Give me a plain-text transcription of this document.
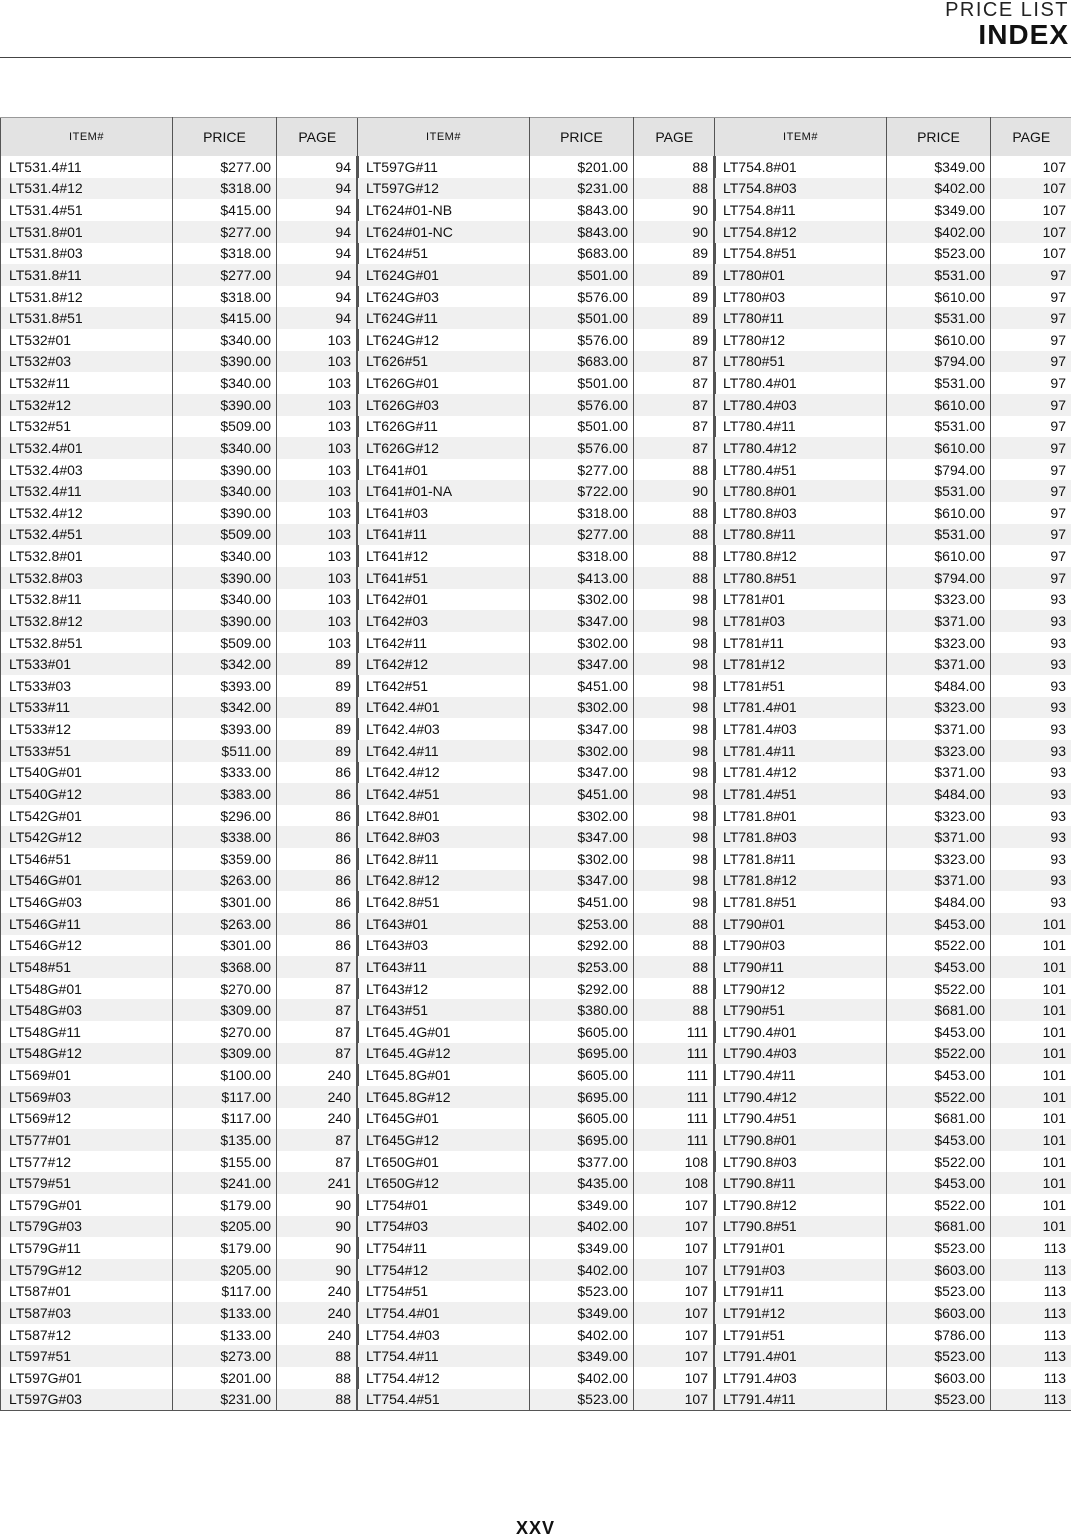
PRICE LIST
INDEX
ITEM#	PRICE	PAGE
LT531.4#11	$277.00	94
LT531.4#12	$318.00	94
LT531.4#51	$415.00	94
LT531.8#01	$277.00	94
LT531.8#03	$318.00	94
LT531.8#11	$277.00	94
LT531.8#12	$318.00	94
LT531.8#51	$415.00	94
LT532#01	$340.00	103
LT532#03	$390.00	103
LT532#11	$340.00	103
LT532#12	$390.00	103
LT532#51	$509.00	103
LT532.4#01	$340.00	103
LT532.4#03	$390.00	103
LT532.4#11	$340.00	103
LT532.4#12	$390.00	103
LT532.4#51	$509.00	103
LT532.8#01	$340.00	103
LT532.8#03	$390.00	103
LT532.8#11	$340.00	103
LT532.8#12	$390.00	103
LT532.8#51	$509.00	103
LT533#01	$342.00	89
LT533#03	$393.00	89
LT533#11	$342.00	89
LT533#12	$393.00	89
LT533#51	$511.00	89
LT540G#01	$333.00	86
LT540G#12	$383.00	86
LT542G#01	$296.00	86
LT542G#12	$338.00	86
LT546#51	$359.00	86
LT546G#01	$263.00	86
LT546G#03	$301.00	86
LT546G#11	$263.00	86
LT546G#12	$301.00	86
LT548#51	$368.00	87
LT548G#01	$270.00	87
LT548G#03	$309.00	87
LT548G#11	$270.00	87
LT548G#12	$309.00	87
LT569#01	$100.00	240
LT569#03	$117.00	240
LT569#12	$117.00	240
LT577#01	$135.00	87
LT577#12	$155.00	87
LT579#51	$241.00	241
LT579G#01	$179.00	90
LT579G#03	$205.00	90
LT579G#11	$179.00	90
LT579G#12	$205.00	90
LT587#01	$117.00	240
LT587#03	$133.00	240
LT587#12	$133.00	240
LT597#51	$273.00	88
LT597G#01	$201.00	88
LT597G#03	$231.00	88
ITEM#	PRICE	PAGE
LT597G#11	$201.00	88
LT597G#12	$231.00	88
LT624#01-NB	$843.00	90
LT624#01-NC	$843.00	90
LT624#51	$683.00	89
LT624G#01	$501.00	89
LT624G#03	$576.00	89
LT624G#11	$501.00	89
LT624G#12	$576.00	89
LT626#51	$683.00	87
LT626G#01	$501.00	87
LT626G#03	$576.00	87
LT626G#11	$501.00	87
LT626G#12	$576.00	87
LT641#01	$277.00	88
LT641#01-NA	$722.00	90
LT641#03	$318.00	88
LT641#11	$277.00	88
LT641#12	$318.00	88
LT641#51	$413.00	88
LT642#01	$302.00	98
LT642#03	$347.00	98
LT642#11	$302.00	98
LT642#12	$347.00	98
LT642#51	$451.00	98
LT642.4#01	$302.00	98
LT642.4#03	$347.00	98
LT642.4#11	$302.00	98
LT642.4#12	$347.00	98
LT642.4#51	$451.00	98
LT642.8#01	$302.00	98
LT642.8#03	$347.00	98
LT642.8#11	$302.00	98
LT642.8#12	$347.00	98
LT642.8#51	$451.00	98
LT643#01	$253.00	88
LT643#03	$292.00	88
LT643#11	$253.00	88
LT643#12	$292.00	88
LT643#51	$380.00	88
LT645.4G#01	$605.00	111
LT645.4G#12	$695.00	111
LT645.8G#01	$605.00	111
LT645.8G#12	$695.00	111
LT645G#01	$605.00	111
LT645G#12	$695.00	111
LT650G#01	$377.00	108
LT650G#12	$435.00	108
LT754#01	$349.00	107
LT754#03	$402.00	107
LT754#11	$349.00	107
LT754#12	$402.00	107
LT754#51	$523.00	107
LT754.4#01	$349.00	107
LT754.4#03	$402.00	107
LT754.4#11	$349.00	107
LT754.4#12	$402.00	107
LT754.4#51	$523.00	107
ITEM#	PRICE	PAGE
LT754.8#01	$349.00	107
LT754.8#03	$402.00	107
LT754.8#11	$349.00	107
LT754.8#12	$402.00	107
LT754.8#51	$523.00	107
LT780#01	$531.00	97
LT780#03	$610.00	97
LT780#11	$531.00	97
LT780#12	$610.00	97
LT780#51	$794.00	97
LT780.4#01	$531.00	97
LT780.4#03	$610.00	97
LT780.4#11	$531.00	97
LT780.4#12	$610.00	97
LT780.4#51	$794.00	97
LT780.8#01	$531.00	97
LT780.8#03	$610.00	97
LT780.8#11	$531.00	97
LT780.8#12	$610.00	97
LT780.8#51	$794.00	97
LT781#01	$323.00	93
LT781#03	$371.00	93
LT781#11	$323.00	93
LT781#12	$371.00	93
LT781#51	$484.00	93
LT781.4#01	$323.00	93
LT781.4#03	$371.00	93
LT781.4#11	$323.00	93
LT781.4#12	$371.00	93
LT781.4#51	$484.00	93
LT781.8#01	$323.00	93
LT781.8#03	$371.00	93
LT781.8#11	$323.00	93
LT781.8#12	$371.00	93
LT781.8#51	$484.00	93
LT790#01	$453.00	101
LT790#03	$522.00	101
LT790#11	$453.00	101
LT790#12	$522.00	101
LT790#51	$681.00	101
LT790.4#01	$453.00	101
LT790.4#03	$522.00	101
LT790.4#11	$453.00	101
LT790.4#12	$522.00	101
LT790.4#51	$681.00	101
LT790.8#01	$453.00	101
LT790.8#03	$522.00	101
LT790.8#11	$453.00	101
LT790.8#12	$522.00	101
LT790.8#51	$681.00	101
LT791#01	$523.00	113
LT791#03	$603.00	113
LT791#11	$523.00	113
LT791#12	$603.00	113
LT791#51	$786.00	113
LT791.4#01	$523.00	113
LT791.4#03	$603.00	113
LT791.4#11	$523.00	113
XXV
